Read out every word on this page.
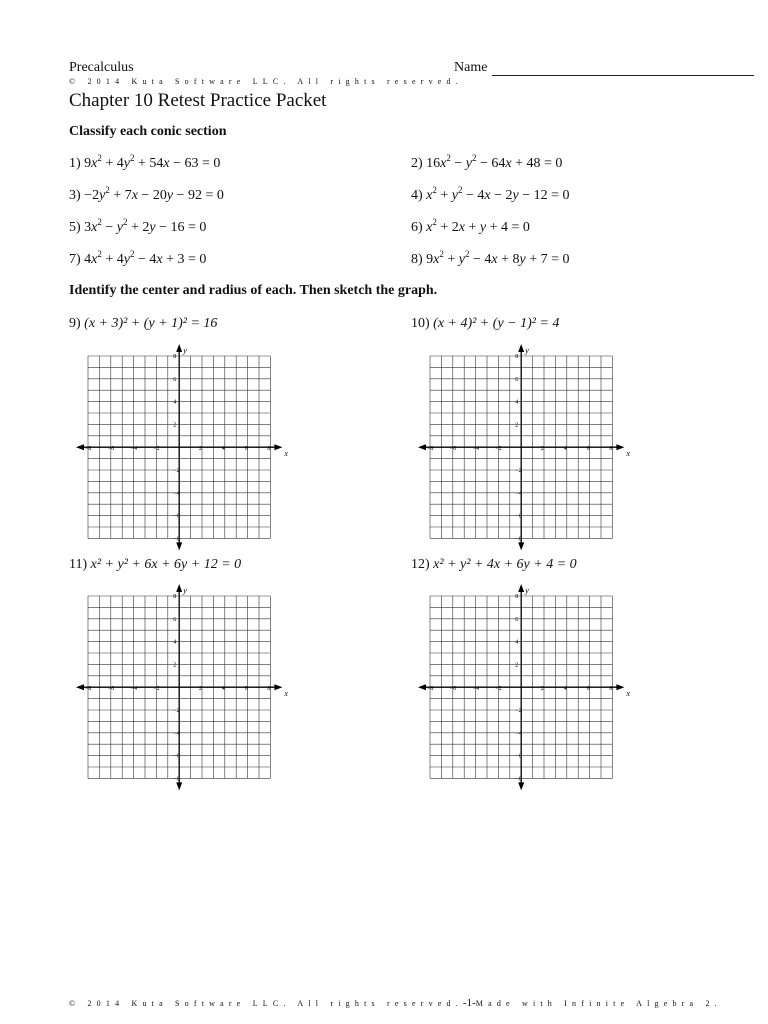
Precalculus	Name
© 2014 Kuta Software LLC. All rights reserved.
Chapter 10 Retest Practice Packet
Classify each conic section
1) $9x^2 + 4y^2 + 54x - 63 = 0$	2) $16x^2 - y^2 - 64x + 48 = 0$
$3) -2y^2 + 7x - 20y - 92 = 0$	4) $x^2 + y^2 - 4x - 2y - 12 = 0$
5) $3x^2 - y^2 + 2y - 16 = 0$	6) $x^2 + 2x + y + 4 = 0$
7) $4x^2 + 4y^2 - 4x + 3 = 0$	8) $9x^2 + y^2 - 4x + 8y + 7 = 0$
Identify the center and radius of each. Then sketch the graph.
9) (x + 3)² + (y + 1)² = 16	10) (x + 4)² + (y − 1)² = 4
11) x² + y² + 6x + 6y + 12 = 0	12) x² + y² + 4x + 6y + 4 = 0
−8	−6	−4	−2	2	4	6	8
8
6
4
2
−2
−4
−6
−8
x
y
−8	−6	−4	−2	2	4	6	8
8
6
4
2
−2
−4
−6
−8
x
y
−8	−6	−4	−2	2	4	6	8
8
6
4
2
−2
−4
−6
−8
x
y
−8	−6	−4	−2	2	4	6	8
8
6
4
2
−2
−4
−6
−8
x
y
© 2014 Kuta Software LLC. All rights reserved.-1-Made with Infinite Algebra 2.
